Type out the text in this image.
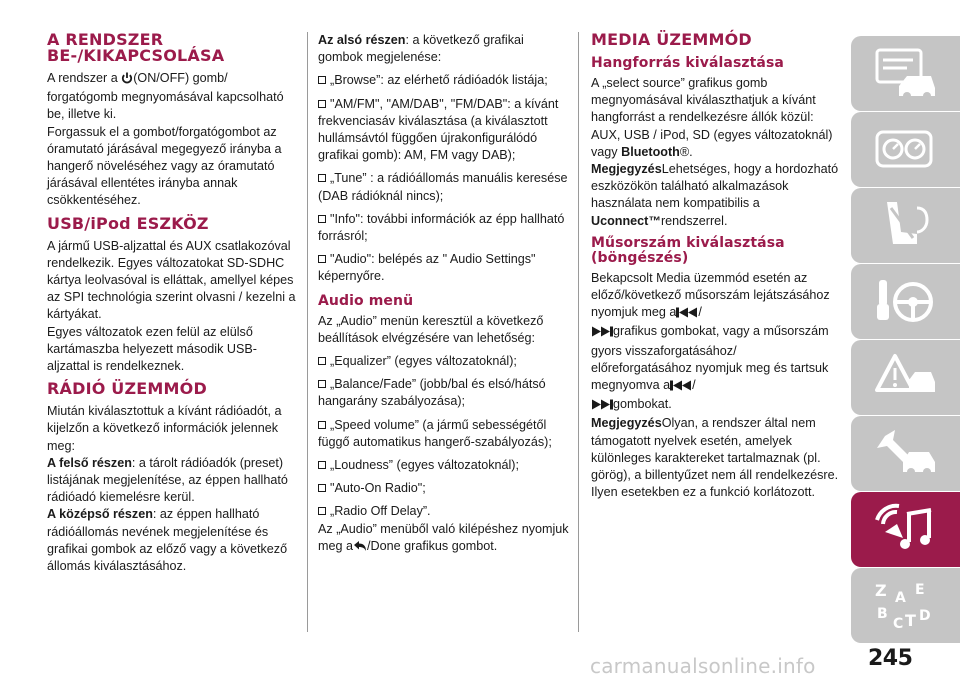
A RENDSZER BE-/KIKAPCSOLÁSA

A rendszer a (ON/OFF) gomb/ forgatógomb megnyomásával kapcsolható be, illetve ki.

Forgassuk el a gombot/forgatógombot az óramutató járásával megegyező irányba a hangerő növeléséhez vagy az óramutató járásával ellentétes irányba annak csökkentéséhez.

USB/iPod ESZKÖZ

A jármű USB-aljzattal és AUX csatlakozóval rendelkezik. Egyes változatokat SD-SDHC kártya leolvasóval is elláttak, amellyel képes az SPI technológia szerint olvasni / kezelni a kártyákat.

Egyes változatok ezen felül az elülső kartámaszba helyezett második USB-aljzattal is rendelkeznek.

RÁDIÓ ÜZEMMÓD

Miután kiválasztottuk a kívánt rádióadót, a kijelzőn a következő információk jelennek meg:

A felső részen: a tárolt rádióadók (preset) listájának megjelenítése, az éppen hallható rádióadó kiemelésre kerül.

A középső részen: az éppen hallható rádióállomás nevének megjelenítése és grafikai gombok az előző vagy a következő állomás kiválasztásához.

Az alsó részen: a következő grafikai gombok megjelenése:

„Browse”: az elérhető rádióadók listája;

"AM/FM", "AM/DAB", "FM/DAB": a kívánt frekvenciasáv kiválasztása (a kiválasztott hullámsávtól függően újrakonfigurálódó grafikai gomb): AM, FM vagy DAB);

„Tune” : a rádióállomás manuális keresése (DAB rádióknál nincs);

"Info": további információk az épp hallható forrásról;

"Audio": belépés az " Audio Settings" képernyőre.

Audio menü

Az „Audio” menün keresztül a következő beállítások elvégzésére van lehetőség:

„Equalizer” (egyes változatoknál);

„Balance/Fade” (jobb/bal és elsó/hátsó hangarány szabályozása);

„Speed volume” (a jármű sebességétől függő automatikus hangerő-szabályozás);

„Loudness” (egyes változatoknál);

"Auto-On Radio";

„Radio Off Delay”.

Az „Audio” menüből való kilépéshez nyomjuk meg a /Done grafikus gombot.

MEDIA ÜZEMMÓD
Hangforrás kiválasztása

A „select source” grafikus gomb megnyomásával kiválaszthatjuk a kívánt hangforrást a rendelkezésre állók közül: AUX, USB / iPod, SD (egyes változatoknál) vagy Bluetooth®.

MegjegyzésLehetséges, hogy a hordozható eszközökön található alkalmazások használata nem kompatibilis a Uconnect™rendszerrel.

Műsorszám kiválasztása (böngészés)

Bekapcsolt Media üzemmód esetén az előző/következő műsorszám lejátszásához nyomjuk meg a /
grafikus gombokat, vagy a műsorszám gyors visszaforgatásához/ előreforgatásához nyomjuk meg és tartsuk megnyomva a /
gombokat.

MegjegyzésOlyan, a rendszer által nem támogatott nyelvek esetén, amelyek különleges karaktereket tartalmaznak (pl. görög), a billentyűzet nem áll rendelkezésre. Ilyen esetekben ez a funkció korlátozott.

Z E
A
B D
C T
245
carmanualsonline.info
